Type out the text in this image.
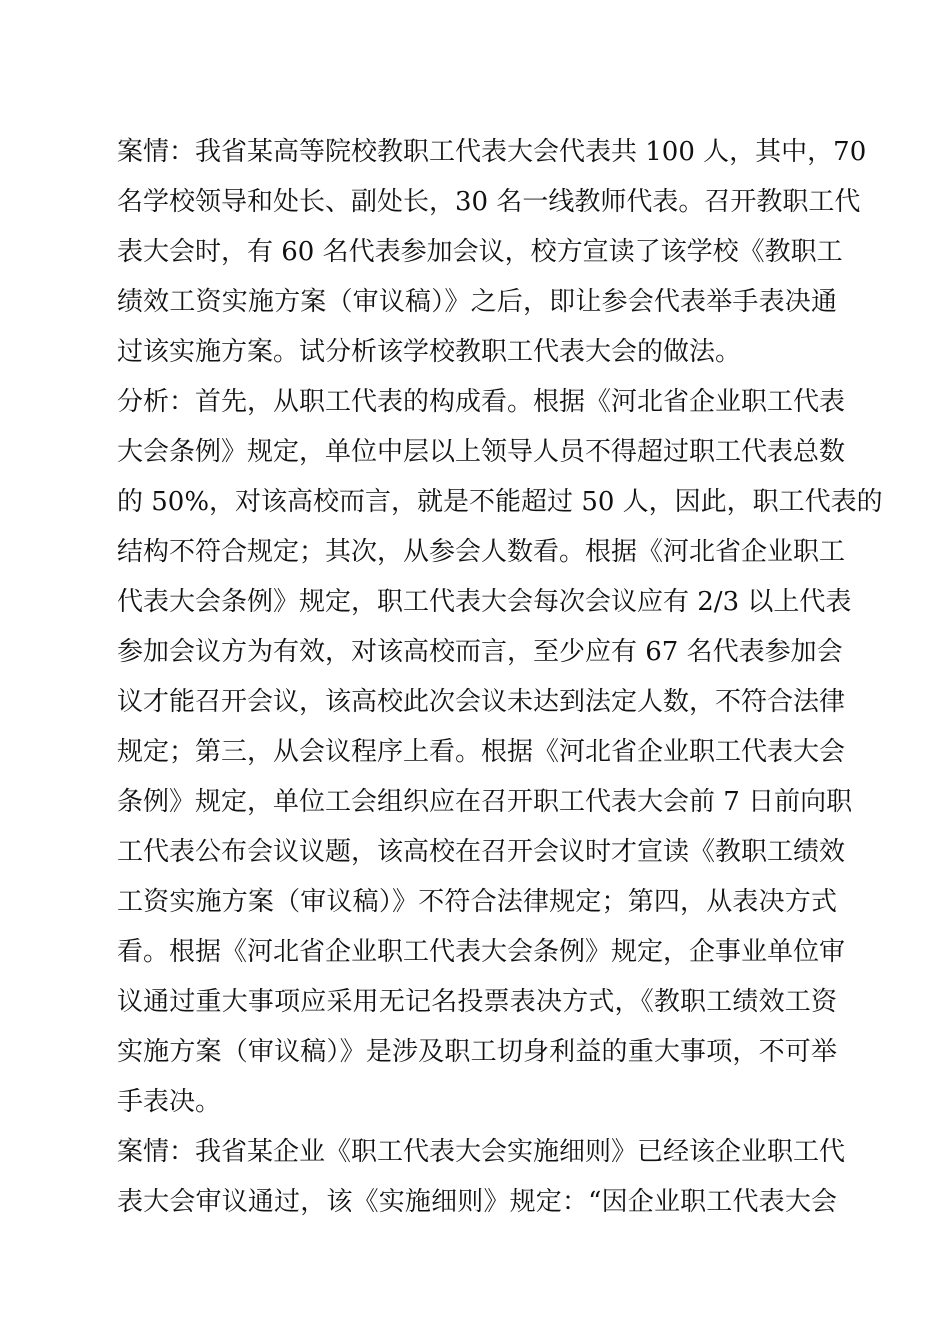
案情：我省某高等院校教职工代表大会代表共 100 人，其中，70
名学校领导和处长、副处长，30 名一线教师代表。召开教职工代
表大会时，有 60 名代表参加会议，校方宣读了该学校《教职工
绩效工资实施方案（审议稿）》之后，即让参会代表举手表决通
过该实施方案。试分析该学校教职工代表大会的做法。
分析：首先，从职工代表的构成看。根据《河北省企业职工代表
大会条例》规定，单位中层以上领导人员不得超过职工代表总数
的 50%，对该高校而言，就是不能超过 50 人，因此，职工代表的
结构不符合规定；其次，从参会人数看。根据《河北省企业职工
代表大会条例》规定，职工代表大会每次会议应有 2/3 以上代表
参加会议方为有效，对该高校而言，至少应有 67 名代表参加会
议才能召开会议，该高校此次会议未达到法定人数，不符合法律
规定；第三，从会议程序上看。根据《河北省企业职工代表大会
条例》规定，单位工会组织应在召开职工代表大会前 7 日前向职
工代表公布会议议题，该高校在召开会议时才宣读《教职工绩效
工资实施方案（审议稿）》不符合法律规定；第四，从表决方式
看。根据《河北省企业职工代表大会条例》规定，企事业单位审
议通过重大事项应采用无记名投票表决方式，《教职工绩效工资
实施方案（审议稿）》是涉及职工切身利益的重大事项，不可举
手表决。
案情：我省某企业《职工代表大会实施细则》已经该企业职工代
表大会审议通过，该《实施细则》规定：“因企业职工代表大会
